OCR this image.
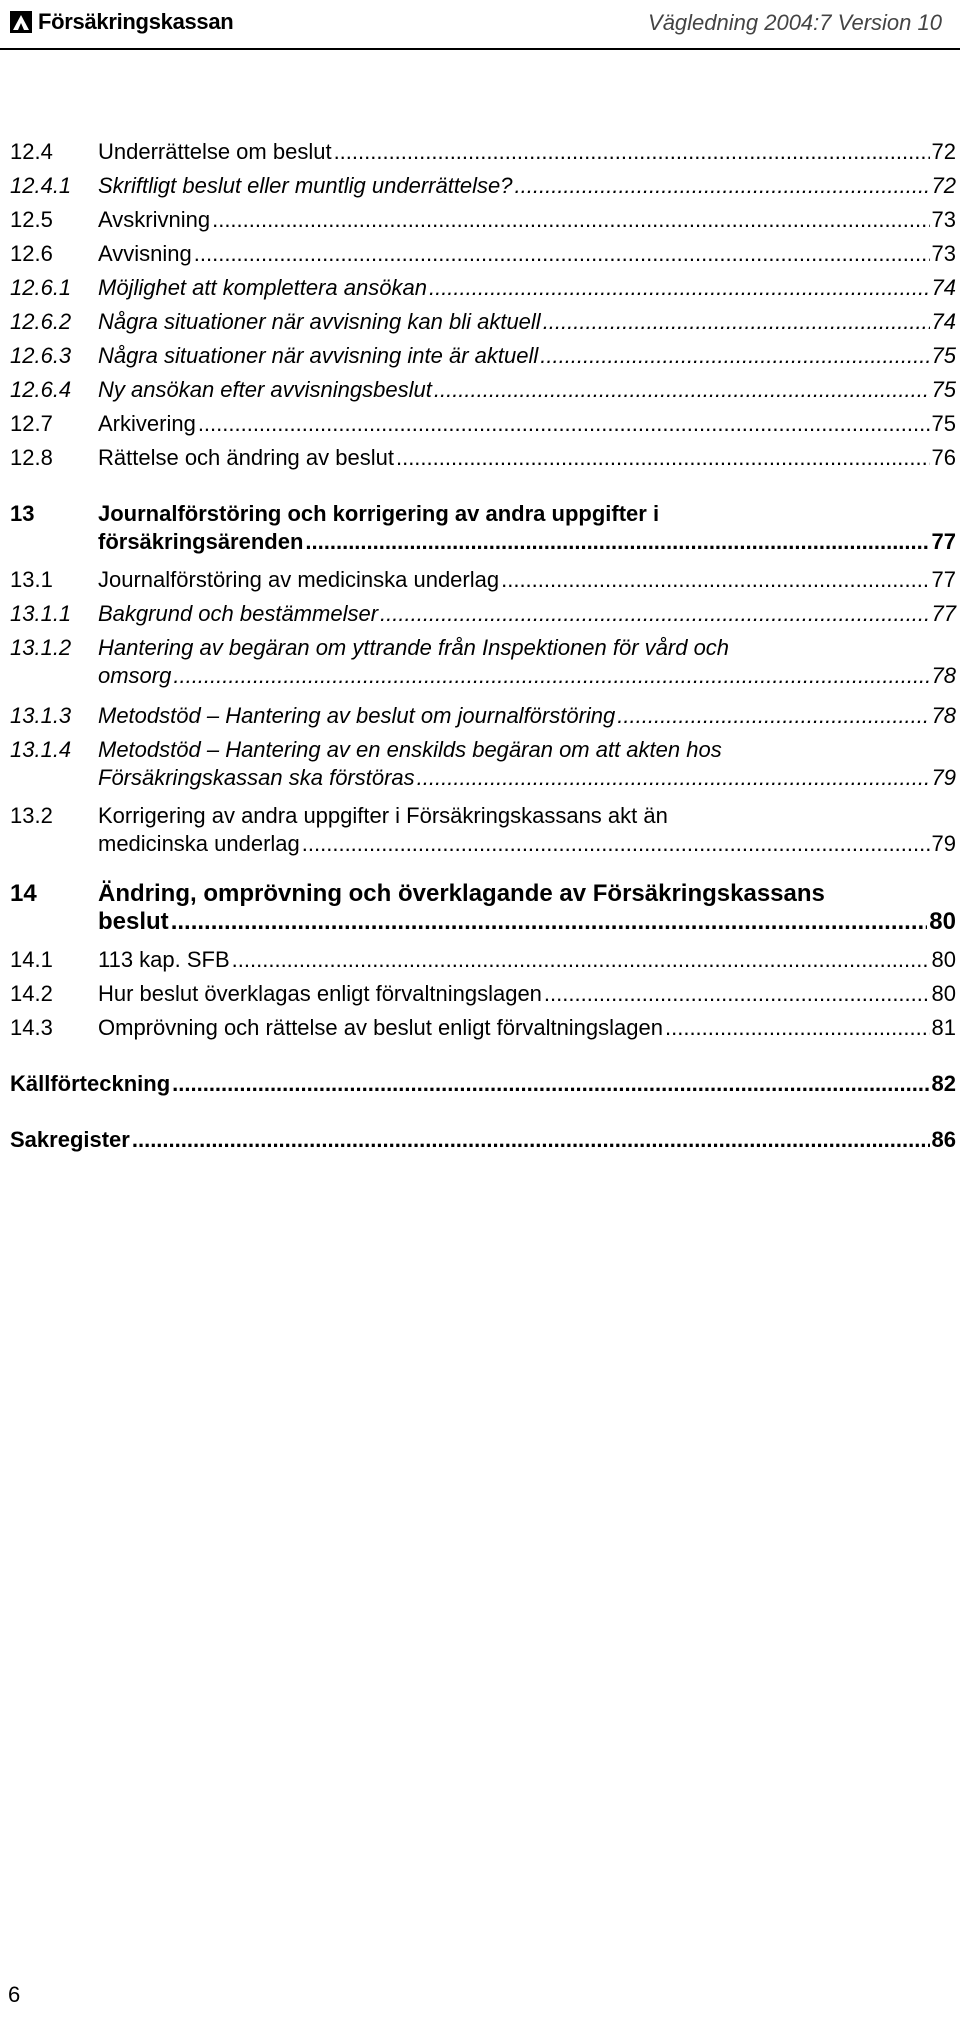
Försäkringskassan	Vägledning 2004:7 Version 10
12.4 Underrättelse om beslut .....	72
12.4.1 Skriftligt beslut eller muntlig underrättelse? .....	72
12.5 Avskrivning .....	73
12.6 Avvisning .....	73
12.6.1 Möjlighet att komplettera ansökan .....	74
12.6.2 Några situationer när avvisning kan bli aktuell .....	74
12.6.3 Några situationer när avvisning inte är aktuell .....	75
12.6.4 Ny ansökan efter avvisningsbeslut .....	75
12.7 Arkivering .....	75
12.8 Rättelse och ändring av beslut .....	76
13	Journalförstöring och korrigering av andra uppgifter i
försäkringsärenden .....	77
13.1 Journalförstöring av medicinska underlag .....	77
13.1.1 Bakgrund och bestämmelser .....	77
13.1.2 Hantering av begäran om yttrande från Inspektionen för vård och
omsorg .....	78
13.1.3 Metodstöd – Hantering av beslut om journalförstöring .....	78
13.1.4 Metodstöd – Hantering av en enskilds begäran om att akten hos
Försäkringskassan ska förstöras .....	79
13.2 Korrigering av andra uppgifter i Försäkringskassans akt än
medicinska underlag .....	79
14	Ändring, omprövning och överklagande av Försäkringskassans
beslut .....	80
14.1 113 kap. SFB .....	80
14.2 Hur beslut överklagas enligt förvaltningslagen .....	80
14.3 Omprövning och rättelse av beslut enligt förvaltningslagen .....	81
Källförteckning .....	82
Sakregister .....	86
6
